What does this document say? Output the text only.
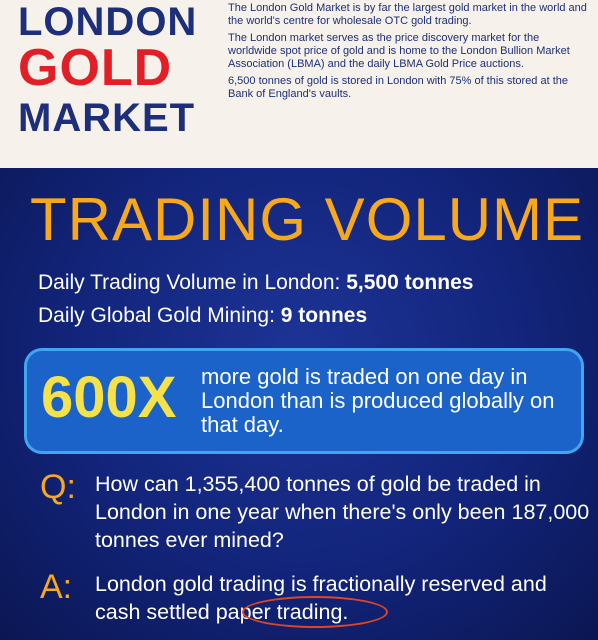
LONDON
GOLD
MARKET

The London Gold Market is by far the largest gold market in the world and the world's centre for wholesale OTC gold trading.

The London market serves as the price discovery market for the worldwide spot price of gold and is home to the London Bullion Market Association (LBMA) and the daily LBMA Gold Price auctions.

6,500 tonnes of gold is stored in London with 75% of this stored at the Bank of England's vaults.

TRADING VOLUME
Daily Trading Volume in London: 5,500 tonnes
Daily Global Gold Mining: 9 tonnes
600X more gold is traded on one day in London than is produced globally on that day.
Q: How can 1,355,400 tonnes of gold be traded in London in one year when there's only been 187,000 tonnes ever mined?
A: London gold trading is fractionally reserved and cash settled paper trading.
